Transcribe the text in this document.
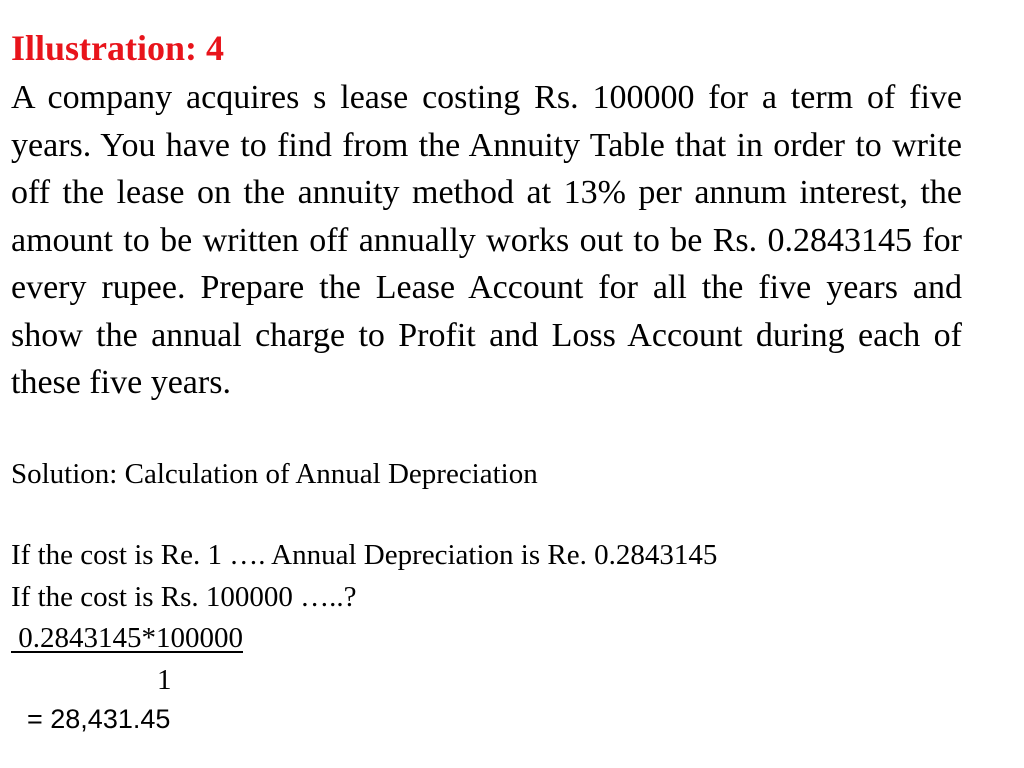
Illustration: 4

A company acquires s lease costing Rs. 100000 for a term of five years. You have to find from the Annuity Table that in order to write off the lease on the annuity method at 13% per annum interest, the amount to be written off annually works out to be Rs. 0.2843145 for every rupee. Prepare the Lease Account for all the five years and show the annual charge to Profit and Loss Account during each of these five years.

Solution: Calculation of Annual Depreciation
If the cost is Re. 1 …. Annual Depreciation is Re. 0.2843145
If the cost is Rs. 100000 …..?
0.2843145*100000
1
= 28,431.45
